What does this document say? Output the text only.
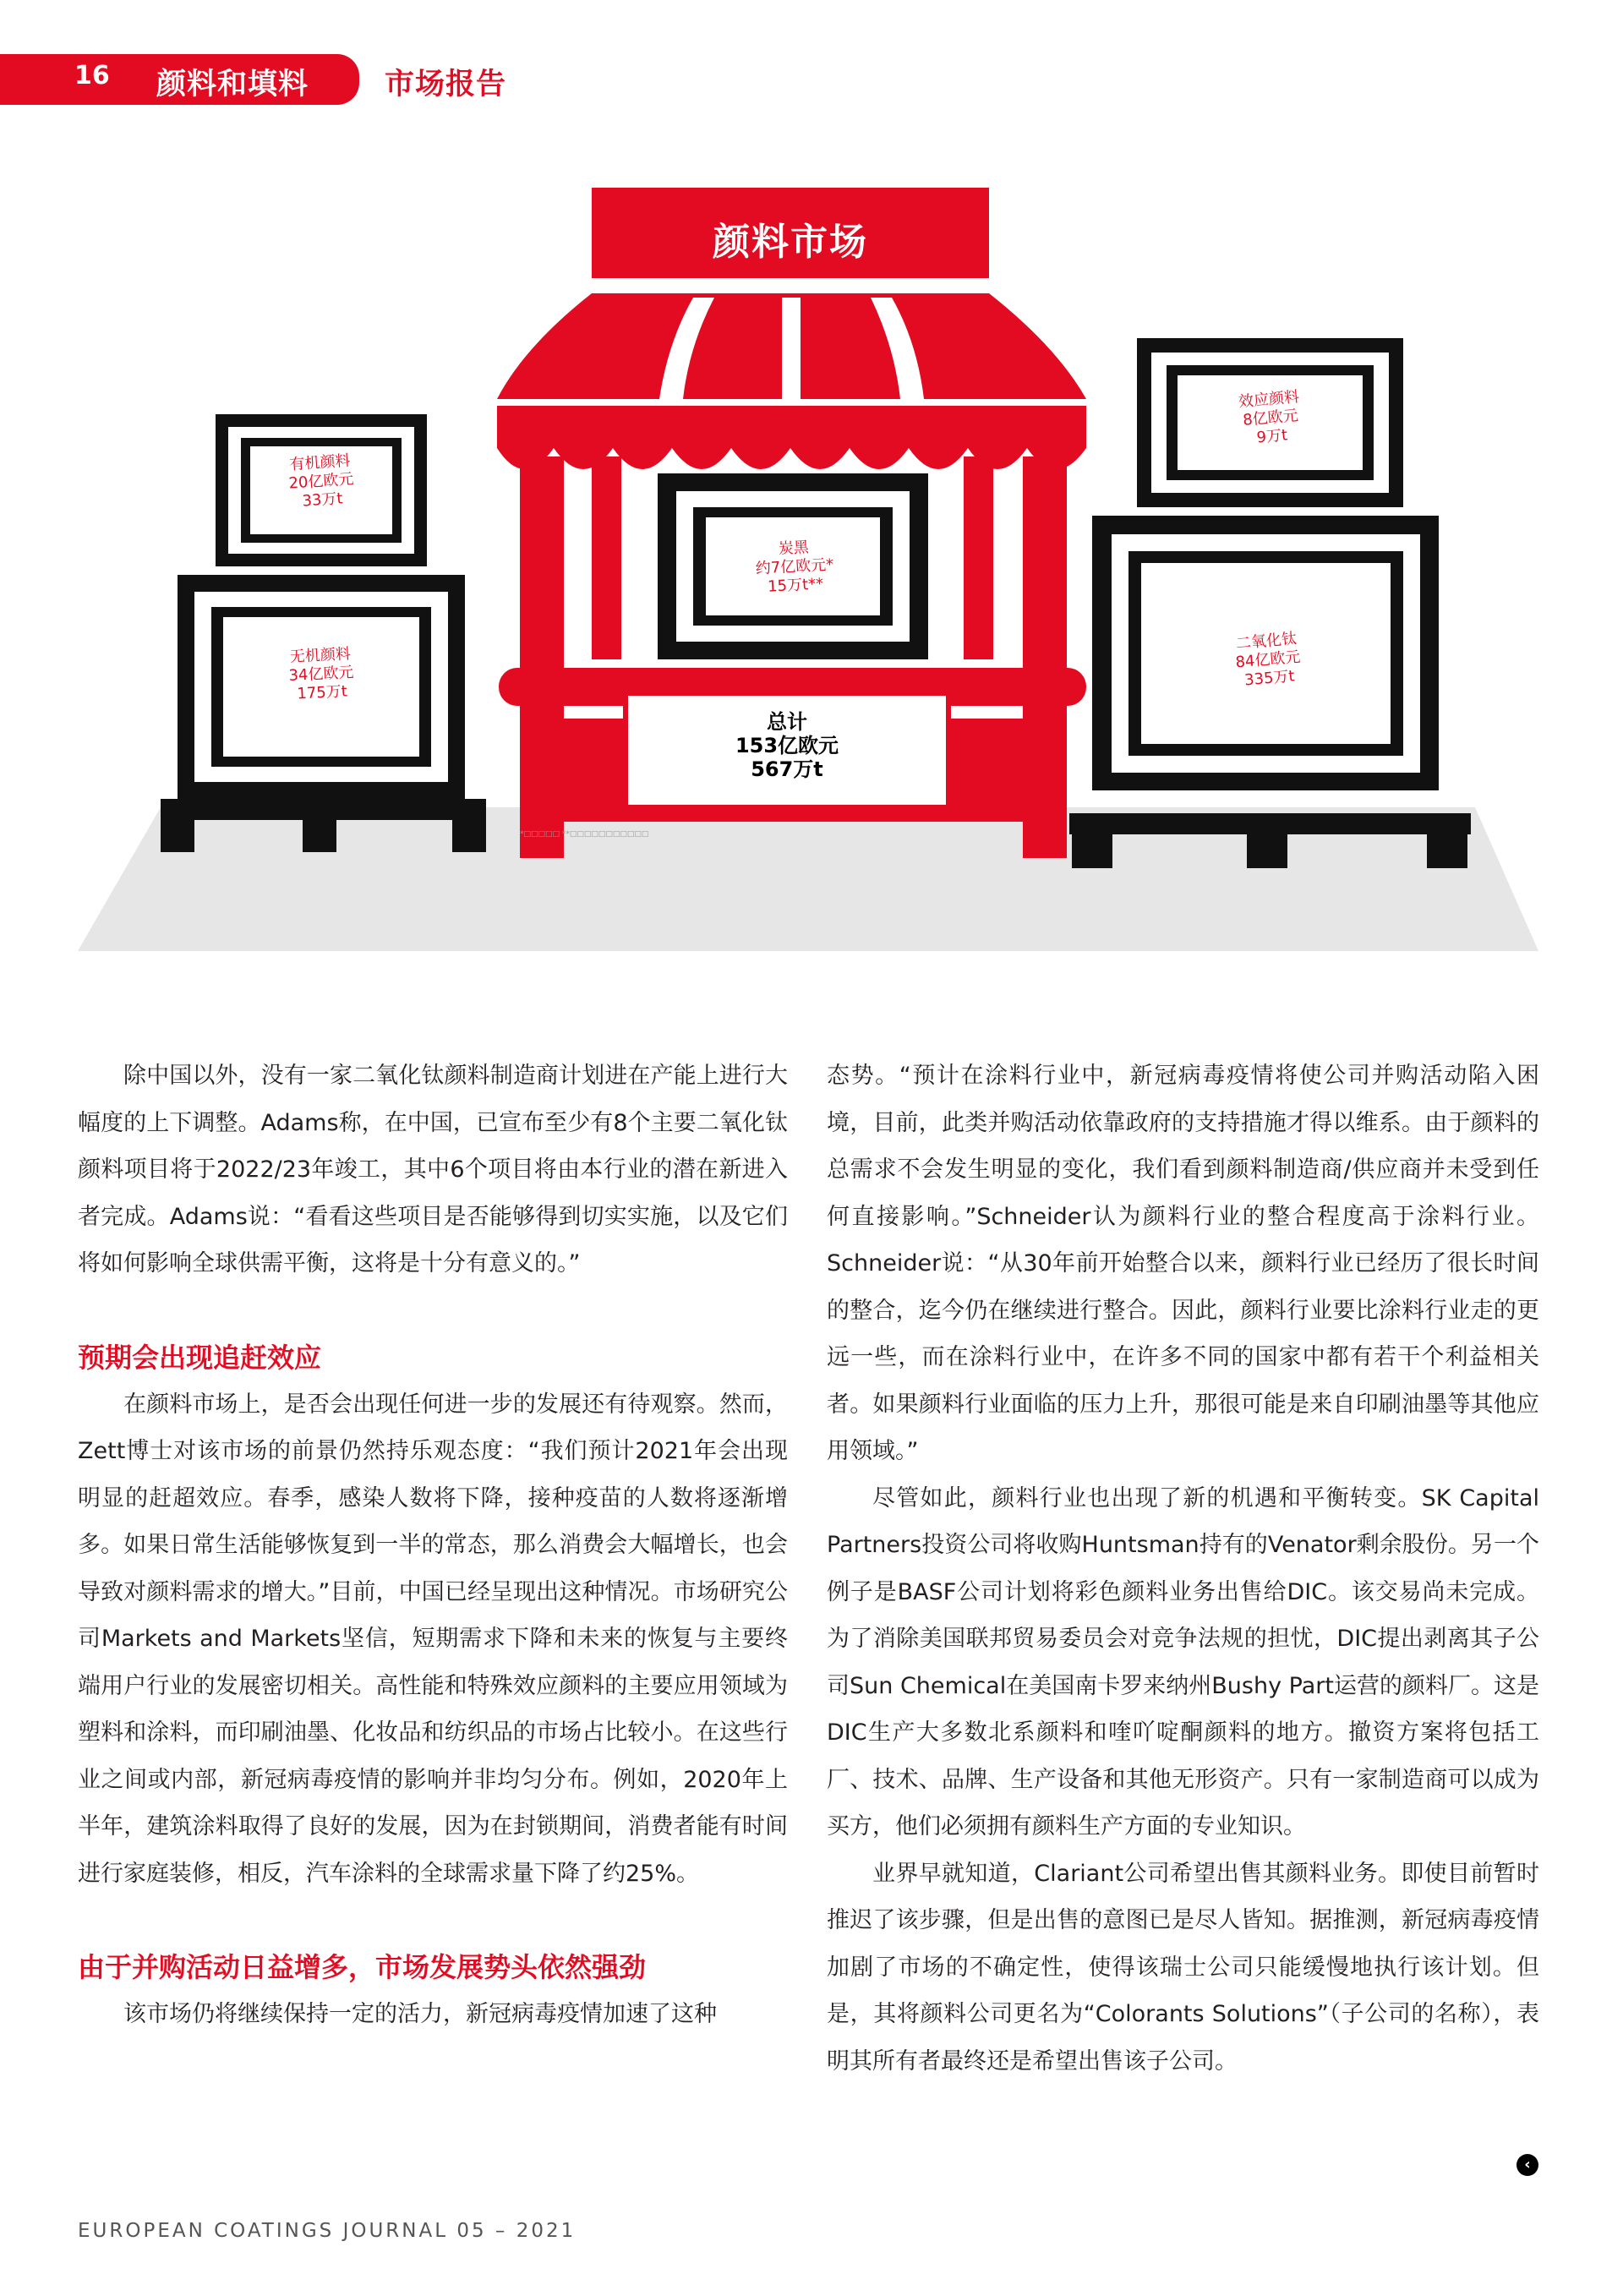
16 颜料和填料	市场报告
颜料市场
有机颜料
20亿欧元
33万t
无机颜料
34亿欧元
175万t
炭黑
约7亿欧元*
15万t**
效应颜料
8亿欧元
9万t
二氧化钛
84亿欧元
335万t
总计
153亿欧元
567万t
*□□□□□ **□□□□□□□□□□□

除中国以外，没有一家二氧化钛颜料制造商计划进在产能上进行大幅度的上下调整。Adams称，在中国，已宣布至少有8个主要二氧化钛颜料项目将于2022/23年竣工，其中6个项目将由本行业的潜在新进入者完成。Adams说：“看看这些项目是否能够得到切实实施，以及它们将如何影响全球供需平衡，这将是十分有意义的。”

预期会出现追赶效应

在颜料市场上，是否会出现任何进一步的发展还有待观察。然而，Zett博士对该市场的前景仍然持乐观态度：“我们预计2021年会出现明显的赶超效应。春季，感染人数将下降，接种疫苗的人数将逐渐增多。如果日常生活能够恢复到一半的常态，那么消费会大幅增长，也会导致对颜料需求的增大。”目前，中国已经呈现出这种情况。市场研究公司Markets and Markets坚信，短期需求下降和未来的恢复与主要终端用户行业的发展密切相关。高性能和特殊效应颜料的主要应用领域为塑料和涂料，而印刷油墨、化妆品和纺织品的市场占比较小。在这些行业之间或内部，新冠病毒疫情的影响并非均匀分布。例如，2020年上半年，建筑涂料取得了良好的发展，因为在封锁期间，消费者能有时间进行家庭装修，相反，汽车涂料的全球需求量下降了约25%。

由于并购活动日益增多，市场发展势头依然强劲

该市场仍将继续保持一定的活力，新冠病毒疫情加速了这种

态势。“预计在涂料行业中，新冠病毒疫情将使公司并购活动陷入困境，目前，此类并购活动依靠政府的支持措施才得以维系。由于颜料的总需求不会发生明显的变化，我们看到颜料制造商/供应商并未受到任何直接影响。”Schneider认为颜料行业的整合程度高于涂料行业。Schneider说：“从30年前开始整合以来，颜料行业已经历了很长时间的整合，迄今仍在继续进行整合。因此，颜料行业要比涂料行业走的更远一些，而在涂料行业中，在许多不同的国家中都有若干个利益相关者。如果颜料行业面临的压力上升，那很可能是来自印刷油墨等其他应用领域。”

尽管如此，颜料行业也出现了新的机遇和平衡转变。SK Capital Partners投资公司将收购Huntsman持有的Venator剩余股份。另一个例子是BASF公司计划将彩色颜料业务出售给DIC。该交易尚未完成。为了消除美国联邦贸易委员会对竞争法规的担忧，DIC提出剥离其子公司Sun Chemical在美国南卡罗来纳州Bushy Part运营的颜料厂。这是DIC生产大多数北系颜料和喹吖啶酮颜料的地方。撤资方案将包括工厂、技术、品牌、生产设备和其他无形资产。只有一家制造商可以成为买方，他们必须拥有颜料生产方面的专业知识。

业界早就知道，Clariant公司希望出售其颜料业务。即使目前暂时推迟了该步骤，但是出售的意图已是尽人皆知。据推测，新冠病毒疫情加剧了市场的不确定性，使得该瑞士公司只能缓慢地执行该计划。但是，其将颜料公司更名为“Colorants Solutions”（子公司的名称），表明其所有者最终还是希望出售该子公司。

‹
EUROPEAN COATINGS JOURNAL 05 – 2021
